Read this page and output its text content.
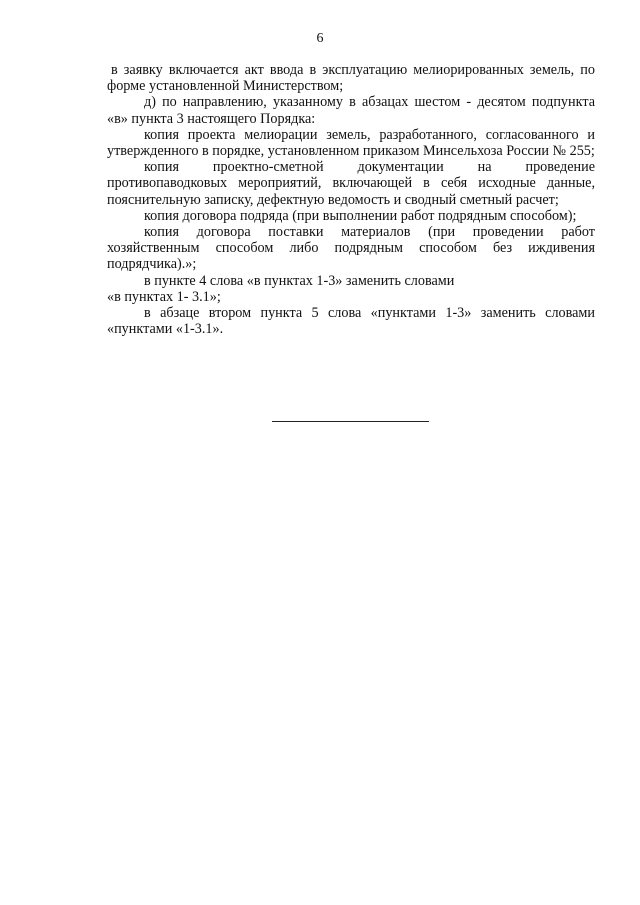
6

в заявку включается акт ввода в эксплуатацию мелиорированных земель, по форме установленной Министерством;

д) по направлению, указанному в абзацах шестом - десятом подпункта «в» пункта 3 настоящего Порядка:

копия проекта мелиорации земель, разработанного, согласованного и утвержденного в порядке, установленном приказом Минсельхоза России № 255;

копия проектно-сметной документации на проведение противопаводковых мероприятий, включающей в себя исходные данные, пояснительную записку, дефектную ведомость и сводный сметный расчет;

копия договора подряда (при выполнении работ подрядным способом);

копия договора поставки материалов (при проведении работ хозяйственным способом либо подрядным способом без иждивения подрядчика).»;

в пункте 4 слова «в пунктах 1-3» заменить словами
«в пунктах 1- 3.1»;

в абзаце втором пункта 5 слова «пунктами 1-3» заменить словами «пунктами «1-3.1».
